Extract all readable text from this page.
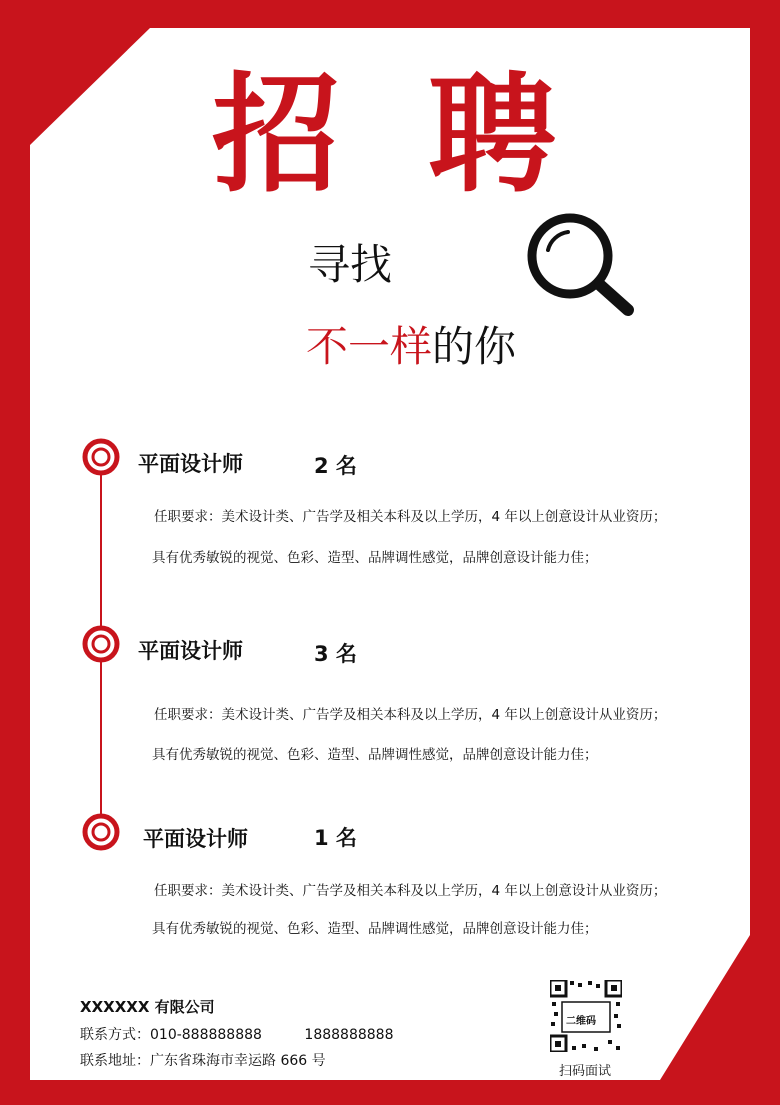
招 聘
寻找
不一样的你
平面设计师	2 名
任职要求：美术设计类、广告学及相关本科及以上学历，4 年以上创意设计从业资历；
具有优秀敏锐的视觉、色彩、造型、品牌调性感觉，品牌创意设计能力佳；
平面设计师	3 名
任职要求：美术设计类、广告学及相关本科及以上学历，4 年以上创意设计从业资历；
具有优秀敏锐的视觉、色彩、造型、品牌调性感觉，品牌创意设计能力佳；
平面设计师	1 名
任职要求：美术设计类、广告学及相关本科及以上学历，4 年以上创意设计从业资历；
具有优秀敏锐的视觉、色彩、造型、品牌调性感觉，品牌创意设计能力佳；
XXXXXX 有限公司
联系方式：010-888888888	1888888888
联系地址：广东省珠海市幸运路 666 号
二维码
扫码面试
